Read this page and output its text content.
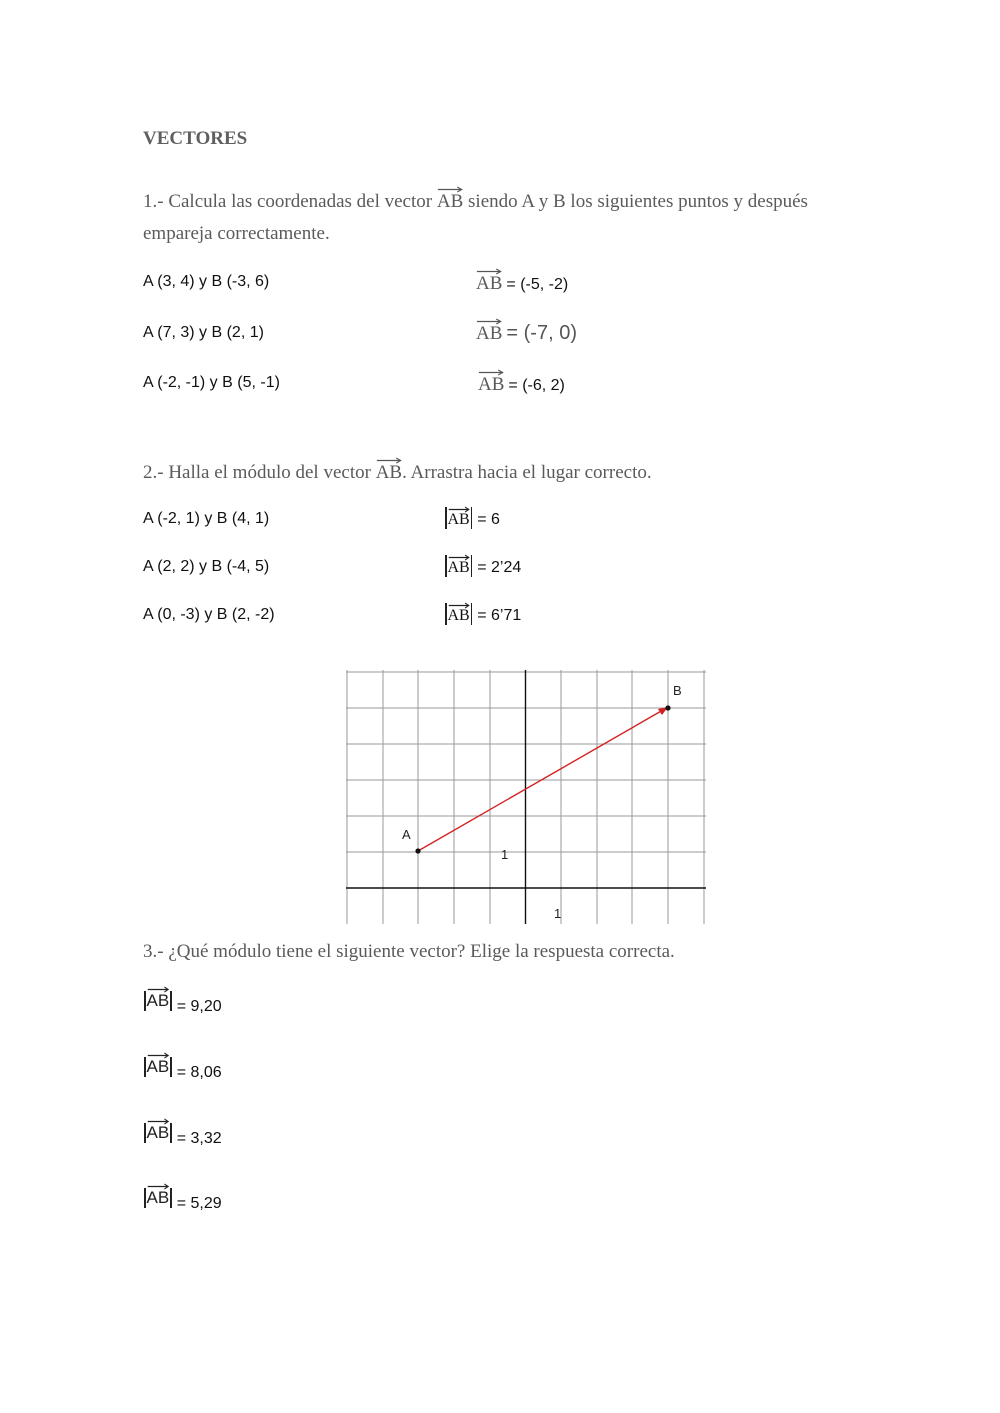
VECTORES
1.- Calcula las coordenadas del vector
AB siendo A y B los siguientes puntos y después empareja correctamente.
A (3, 4) y B (-3, 6)
A (7, 3) y B (2, 1)
A (-2, -1) y B (5, -1)
AB = (-5, -2)
AB = (-7, 0)
AB = (-6, 2)
2.- Halla el módulo del vector
AB. Arrastra hacia el lugar correcto.
A (-2, 1) y B (4, 1)
A (2, 2) y B (-4, 5)
A (0, -3) y B (2, -2)
AB = 6
AB = 2’24
AB = 6’71
A
B
1
1
3.- ¿Qué módulo tiene el siguiente vector? Elige la respuesta correcta.
AB = 9,20
AB = 8,06
AB = 3,32
AB = 5,29
